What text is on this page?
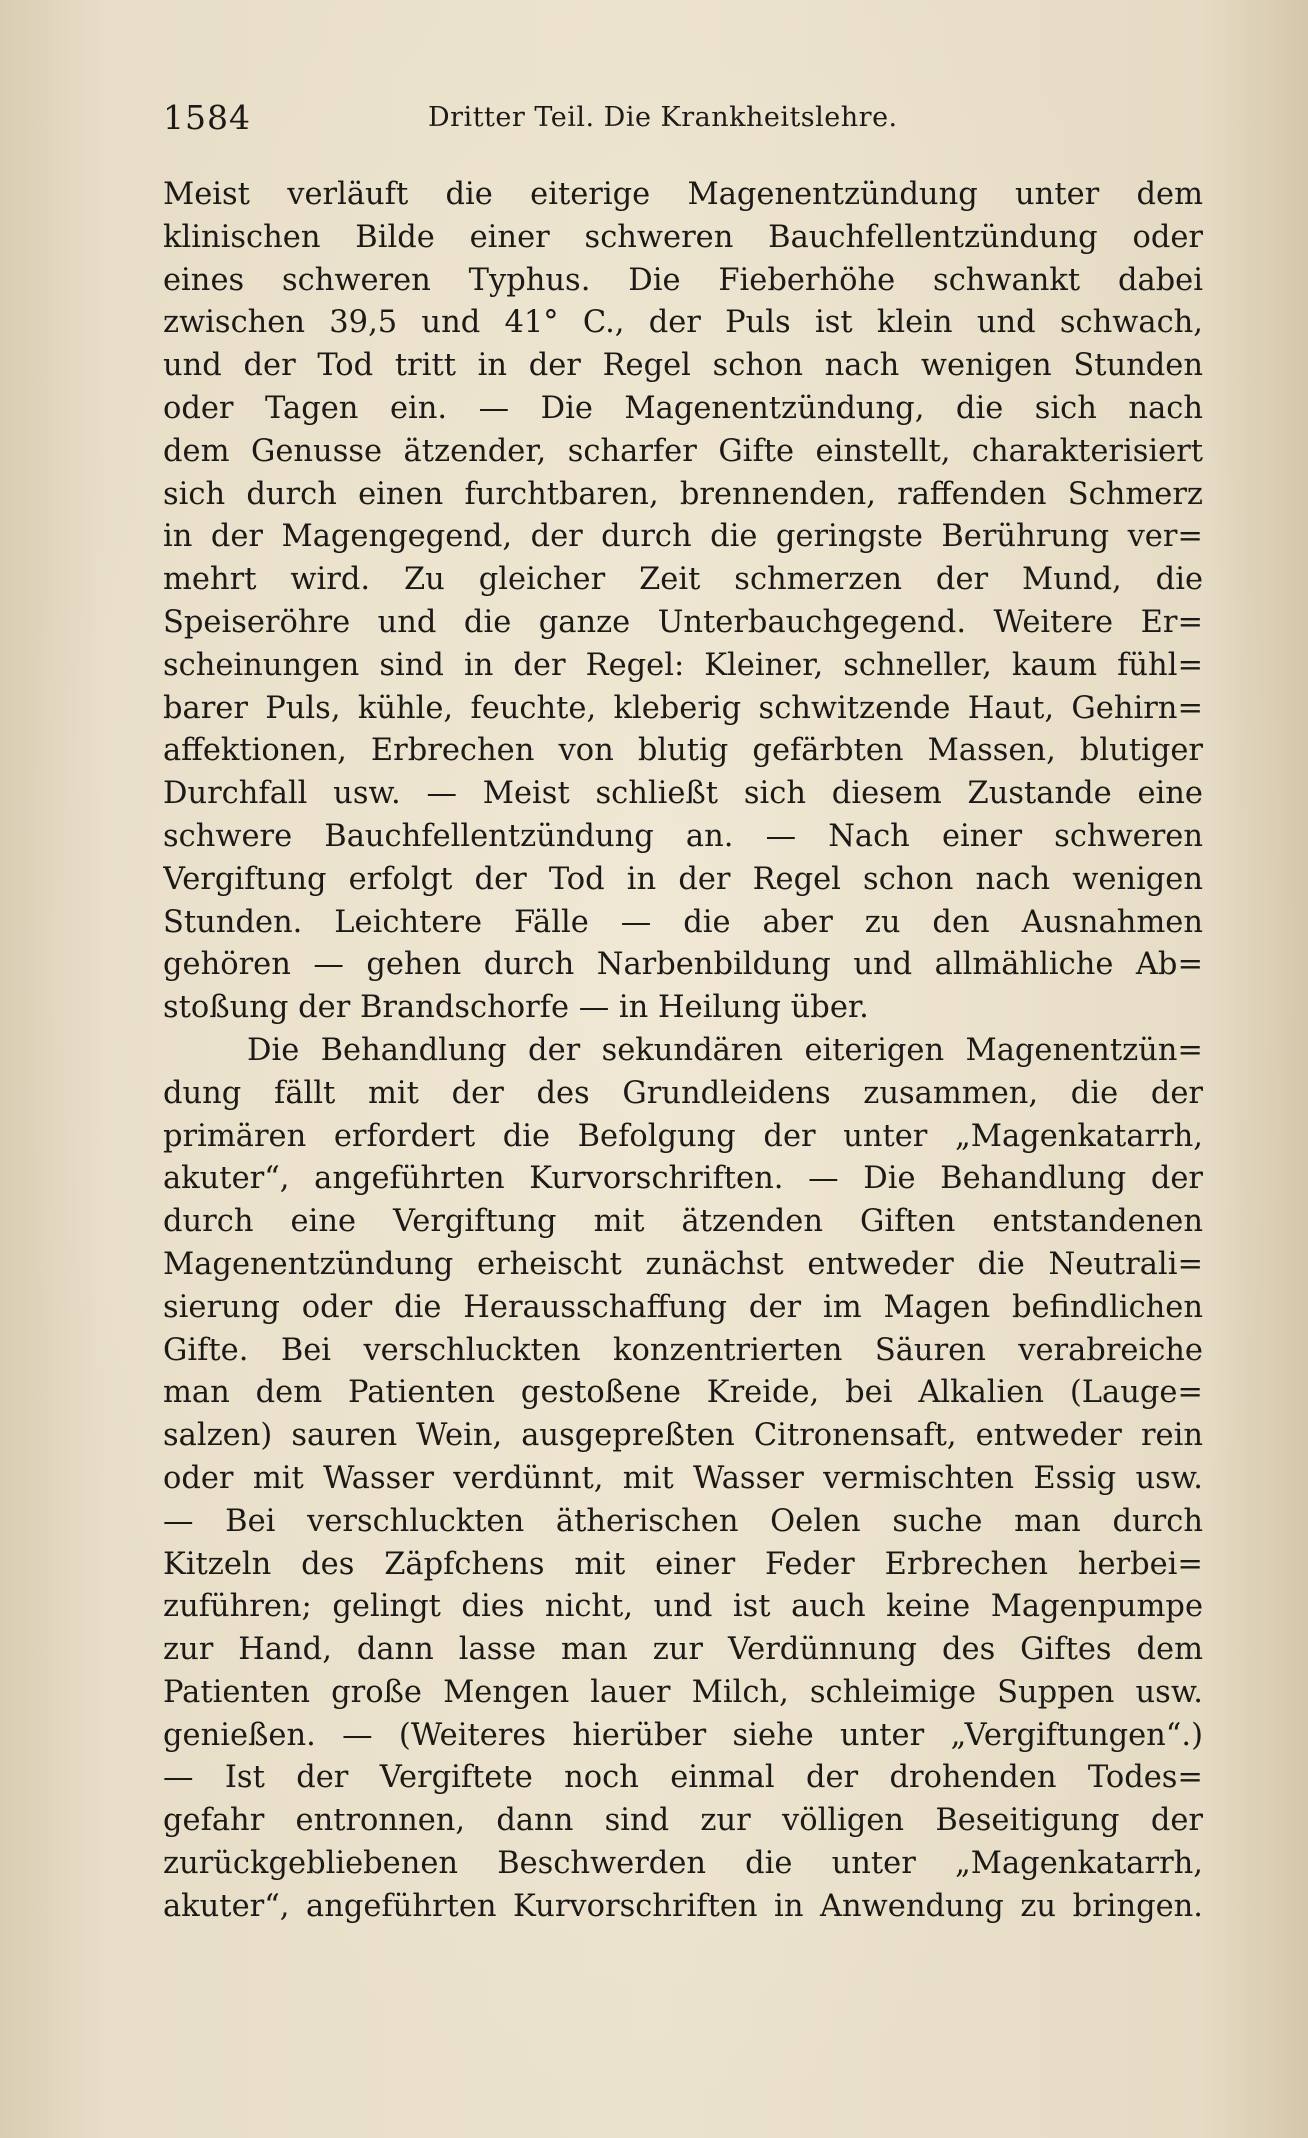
1584	Dritter Teil. Die Krankheitslehre.
Meist verläuft die eiterige Magenentzündung unter dem
klinischen Bilde einer schweren Bauchfellentzündung oder
eines schweren Typhus. Die Fieberhöhe schwankt dabei
zwischen 39,5 und 41° C., der Puls ist klein und schwach,
und der Tod tritt in der Regel schon nach wenigen Stunden
oder Tagen ein. — Die Magenentzündung, die sich nach
dem Genusse ätzender, scharfer Gifte einstellt, charakterisiert
sich durch einen furchtbaren, brennenden, raffenden Schmerz
in der Magengegend, der durch die geringste Berührung ver=
mehrt wird. Zu gleicher Zeit schmerzen der Mund, die
Speiseröhre und die ganze Unterbauchgegend. Weitere Er=
scheinungen sind in der Regel: Kleiner, schneller, kaum fühl=
barer Puls, kühle, feuchte, kleberig schwitzende Haut, Gehirn=
affektionen, Erbrechen von blutig gefärbten Massen, blutiger
Durchfall usw. — Meist schließt sich diesem Zustande eine
schwere Bauchfellentzündung an. — Nach einer schweren
Vergiftung erfolgt der Tod in der Regel schon nach wenigen
Stunden. Leichtere Fälle — die aber zu den Ausnahmen
gehören — gehen durch Narbenbildung und allmähliche Ab=
stoßung der Brandschorfe — in Heilung über.
Die Behandlung der sekundären eiterigen Magenentzün=
dung fällt mit der des Grundleidens zusammen, die der
primären erfordert die Befolgung der unter „Magenkatarrh,
akuter“, angeführten Kurvorschriften. — Die Behandlung der
durch eine Vergiftung mit ätzenden Giften entstandenen
Magenentzündung erheischt zunächst entweder die Neutrali=
sierung oder die Herausschaffung der im Magen befindlichen
Gifte. Bei verschluckten konzentrierten Säuren verabreiche
man dem Patienten gestoßene Kreide, bei Alkalien (Lauge=
salzen) sauren Wein, ausgepreßten Citronensaft, entweder rein
oder mit Wasser verdünnt, mit Wasser vermischten Essig usw.
— Bei verschluckten ätherischen Oelen suche man durch
Kitzeln des Zäpfchens mit einer Feder Erbrechen herbei=
zuführen; gelingt dies nicht, und ist auch keine Magenpumpe
zur Hand, dann lasse man zur Verdünnung des Giftes dem
Patienten große Mengen lauer Milch, schleimige Suppen usw.
genießen. — (Weiteres hierüber siehe unter „Vergiftungen“.)
— Ist der Vergiftete noch einmal der drohenden Todes=
gefahr entronnen, dann sind zur völligen Beseitigung der
zurückgebliebenen Beschwerden die unter „Magenkatarrh,
akuter“, angeführten Kurvorschriften in Anwendung zu bringen.
